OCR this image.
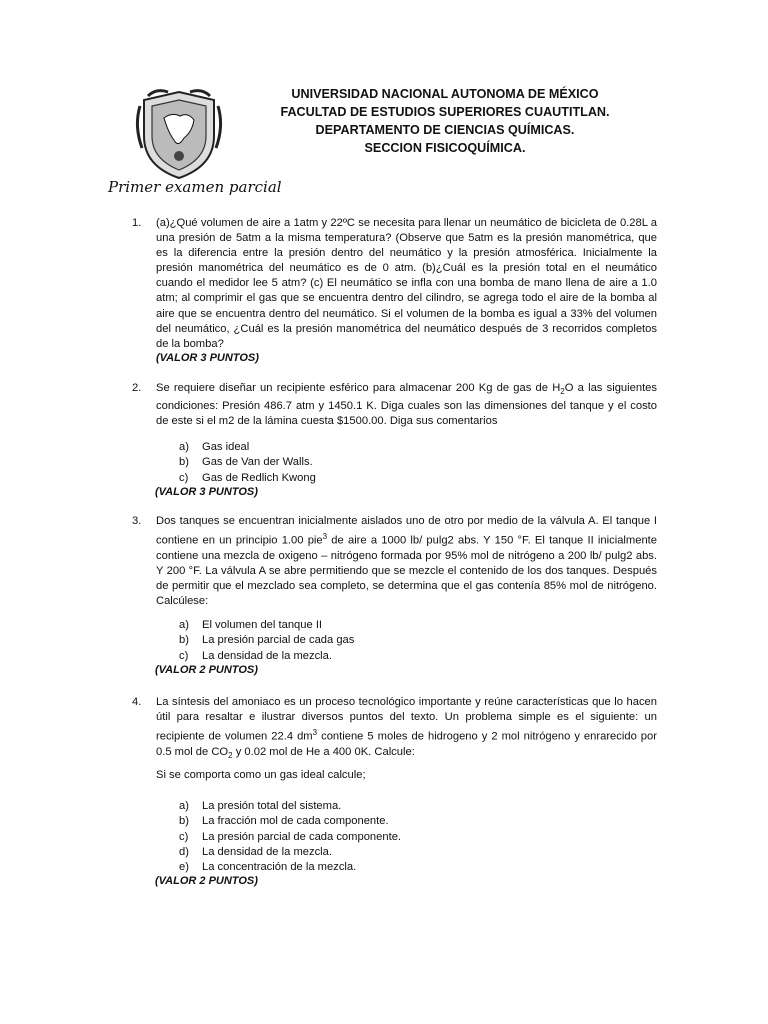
UNIVERSIDAD NACIONAL AUTONOMA DE MÉXICO
FACULTAD DE ESTUDIOS SUPERIORES CUAUTITLAN.
DEPARTAMENTO DE CIENCIAS QUÍMICAS.
SECCION FISICOQUÍMICA.
Primer examen parcial
1. (a)¿Qué volumen de aire a 1atm y 22ºC se necesita para llenar un neumático de bicicleta de 0.28L a una presión de 5atm a la misma temperatura? (Observe que 5atm es la presión manométrica, que es la diferencia entre la presión dentro del neumático y la presión atmosférica. Inicialmente la presión manométrica del neumático es de 0 atm. (b)¿Cuál es la presión total en el neumático cuando el medidor lee 5 atm? (c) El neumático se infla con una bomba de mano llena de aire a 1.0 atm; al comprimir el gas que se encuentra dentro del cilindro, se agrega todo el aire de la bomba al aire que se encuentra dentro del neumático. Si el volumen de la bomba es igual a 33% del volumen del neumático, ¿Cuál es la presión manométrica del neumático después de 3 recorridos completos de la bomba?

(VALOR 3 PUNTOS)
2. Se requiere diseñar un recipiente esférico para almacenar 200 Kg de gas de $H_2O$ a las siguientes condiciones: Presión 486.7 atm y 1450.1 K. Diga cuales son las dimensiones del tanque y el costo de este si el m2 de la lámina cuesta $1500.00. Diga sus comentarios

a) Gas ideal
b) Gas de Van der Walls.
c) Gas de Redlich Kwong
(VALOR 3 PUNTOS)
3. Dos tanques se encuentran inicialmente aislados uno de otro por medio de la válvula A. El tanque I contiene en un principio 1.00 pie$^3$ de aire a 1000 lb/ pulg2 abs. Y 150 °F. El tanque II inicialmente contiene una mezcla de oxigeno – nitrógeno formada por 95% mol de nitrógeno a 200 lb/ pulg2 abs. Y 200 °F. La válvula A se abre permitiendo que se mezcle el contenido de los dos tanques. Después de permitir que el mezclado sea completo, se determina que el gas contenía 85% mol de nitrógeno. Calcúlese:

a) El volumen del tanque II
b) La presión parcial de cada gas
c) La densidad de la mezcla.
(VALOR 2 PUNTOS)
4. La síntesis del amoniaco es un proceso tecnológico importante y reúne características que lo hacen útil para resaltar e ilustrar diversos puntos del texto. Un problema simple es el siguiente: un recipiente de volumen 22.4 $dm^3$ contiene 5 moles de hidrogeno y 2 mol nitrógeno y enrarecido por 0.5 mol de $CO_2$ y 0.02 mol de He a 400 0K. Calcule:

Si se comporta como un gas ideal calcule;
a) La presión total del sistema.
b) La fracción mol de cada componente.
c) La presión parcial de cada componente.
d) La densidad de la mezcla.
e) La concentración de la mezcla.
(VALOR 2 PUNTOS)
